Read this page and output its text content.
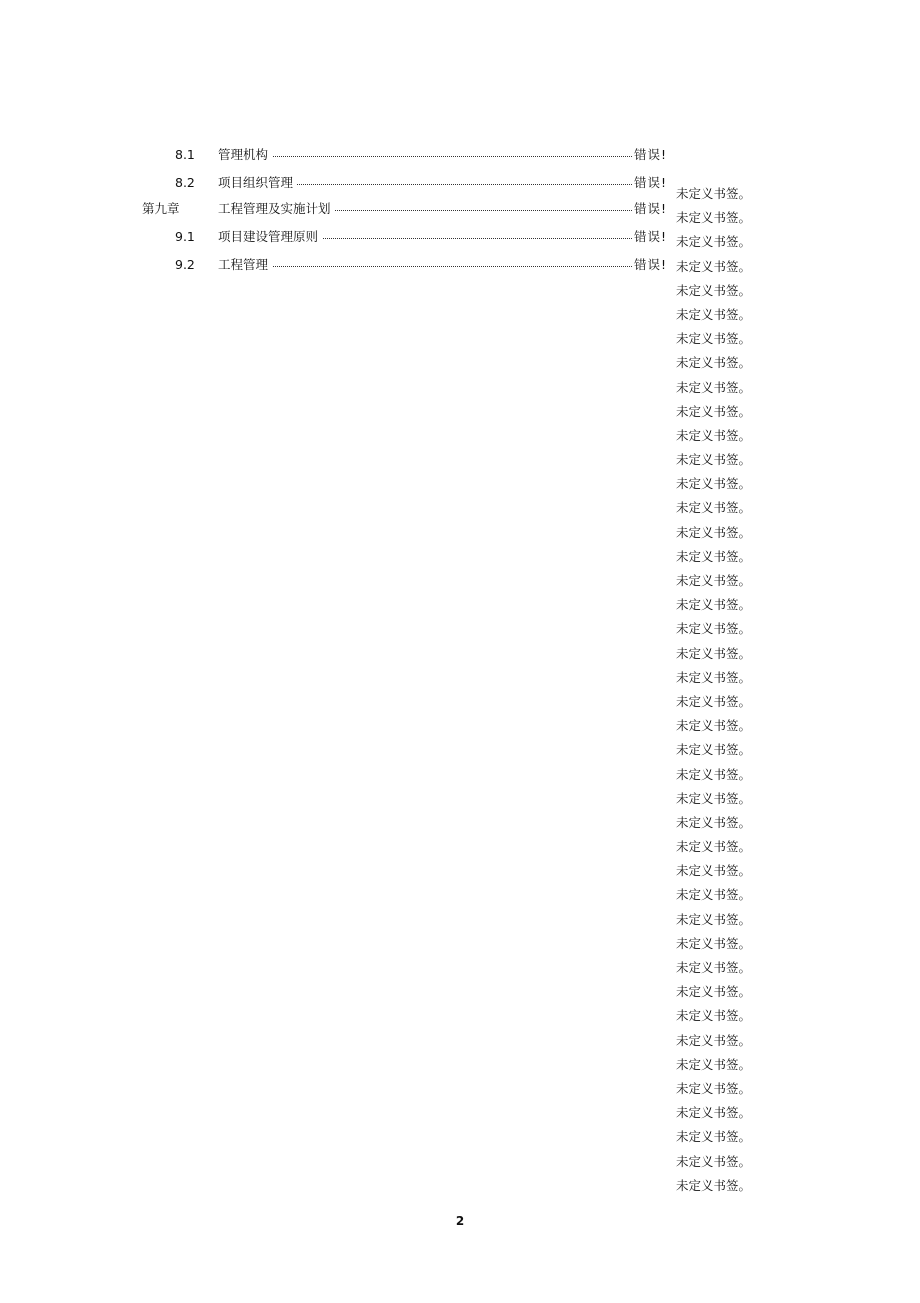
8.1 管理机构	错误!
8.2 项目组织管理	错误!
第九章	工程管理及实施计划	错误!
9.1 项目建设管理原则	错误!
9.2 工程管理	错误!
未定义书签。
未定义书签。
未定义书签。
未定义书签。
未定义书签。
未定义书签。
未定义书签。
未定义书签。
未定义书签。
未定义书签。
未定义书签。
未定义书签。
未定义书签。
未定义书签。
未定义书签。
未定义书签。
未定义书签。
未定义书签。
未定义书签。
未定义书签。
未定义书签。
未定义书签。
未定义书签。
未定义书签。
未定义书签。
未定义书签。
未定义书签。
未定义书签。
未定义书签。
未定义书签。
未定义书签。
未定义书签。
未定义书签。
未定义书签。
未定义书签。
未定义书签。
未定义书签。
未定义书签。
未定义书签。
未定义书签。
未定义书签。
未定义书签。
2
